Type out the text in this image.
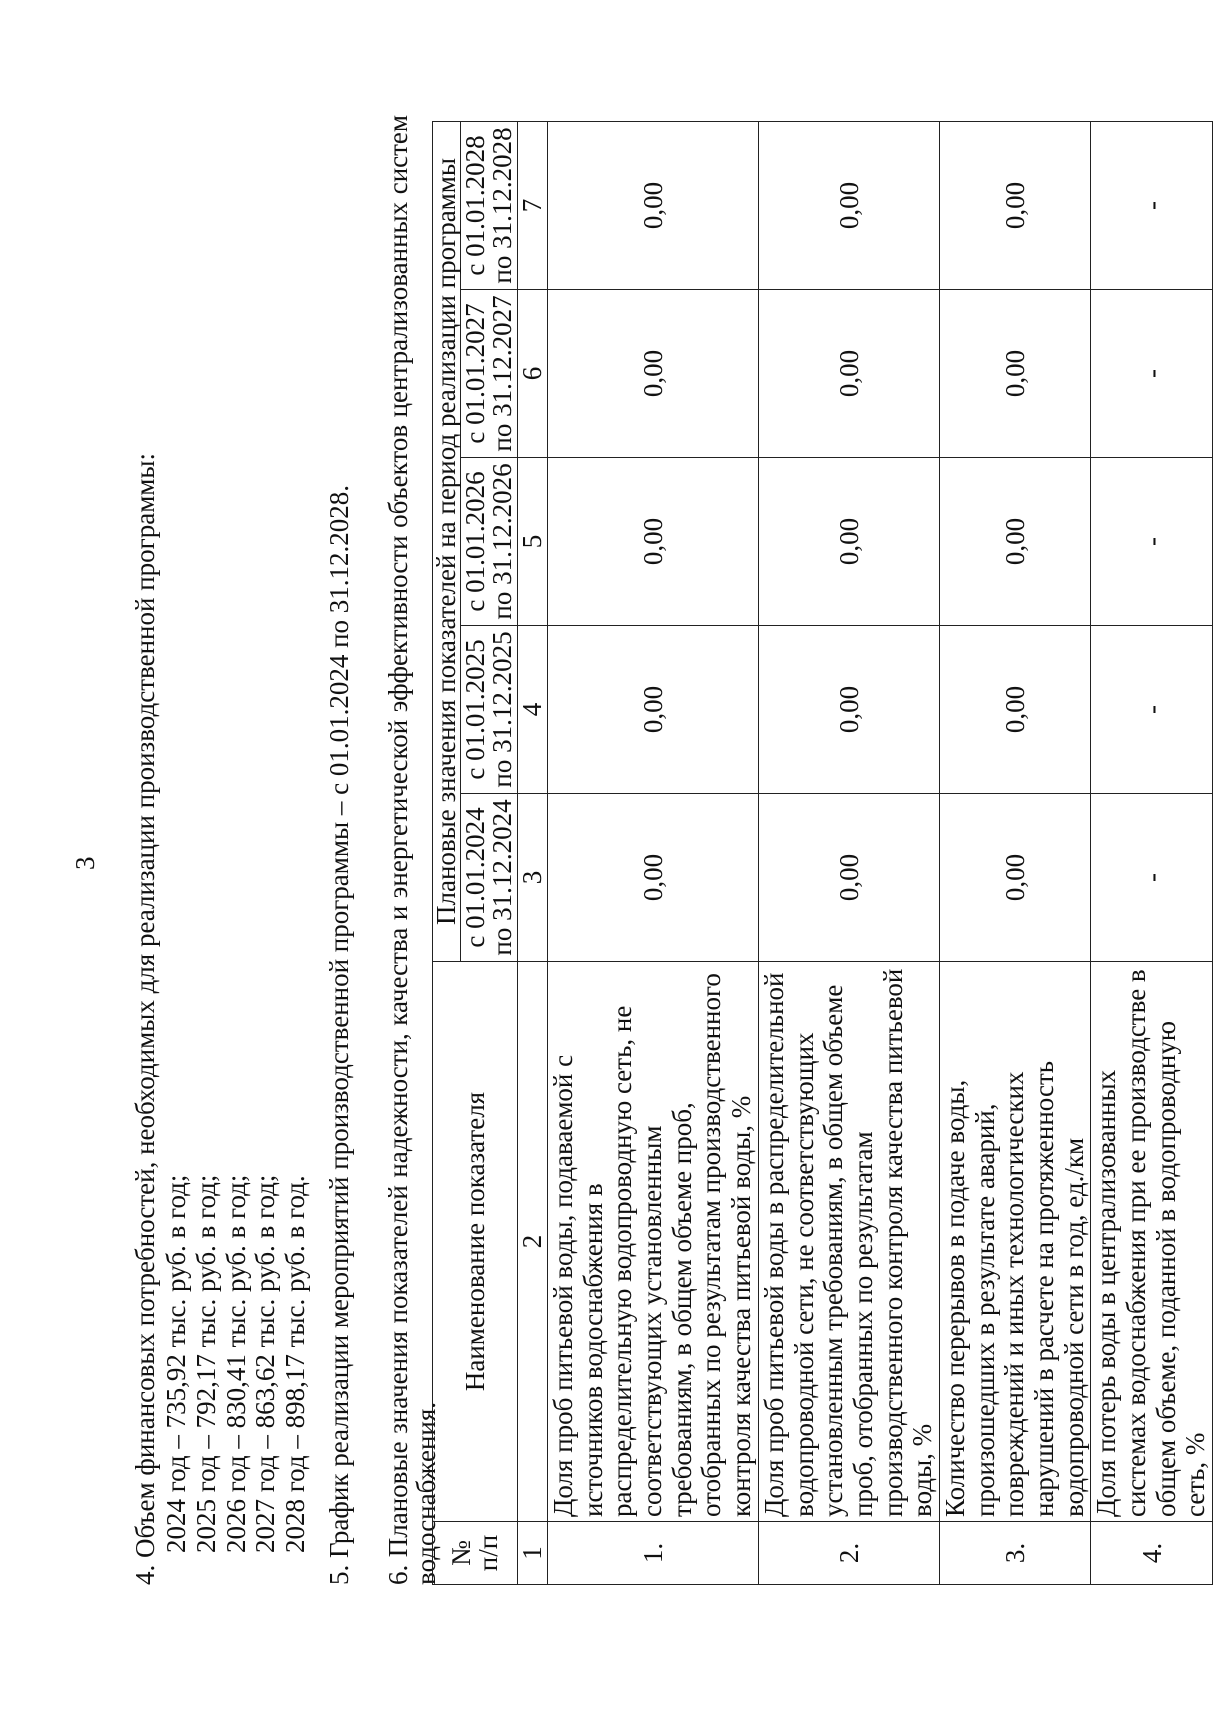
3 4. Объем финансовых потребностей, необходимых для реализации производственной программы: 2024 год – 735,92 тыс. руб. в год; 2025 год – 792,17 тыс. руб. в год; 2026 год – 830,41 тыс. руб. в год; 2027 год – 863,62 тыс. руб. в год; 2028 год – 898,17 тыс. руб. в год. 5. График реализации мероприятий производственной программы – с 01.01.2024 по 31.12.2028. 6. Плановые значения показателей надежности, качества и энергетической эффективности объектов централизованных систем водоснабжения. № п/п	Наименование показателя	Плановые значения показателей на период реализации программы				
		с 01.01.2024 по 31.12.2024	с 01.01.2025 по 31.12.2025	с 01.01.2026 по 31.12.2026	с 01.01.2027 по 31.12.2027	с 01.01.2028 по 31.12.2028
1	2	3	4	5	6	7
1.	Доля проб питьевой воды, подаваемой с источников водоснабжения в распределительную водопроводную сеть, не соответствующих установленным требованиям, в общем объеме проб, отобранных по результатам производственного контроля качества питьевой воды, %	0,00	0,00	0,00	0,00	0,00
2.	Доля проб питьевой воды в распределительной водопроводной сети, не соответствующих установленным требованиям, в общем объеме проб, отобранных по результатам производственного контроля качества питьевой воды, %	0,00	0,00	0,00	0,00	0,00
3.	Количество перерывов в подаче воды, произошедших в результате аварий, повреждений и иных технологических нарушений в расчете на протяженность водопроводной сети в год, ед./км	0,00	0,00	0,00	0,00	0,00
4.	Доля потерь воды в централизованных системах водоснабжения при ее производстве в общем объеме, поданной в водопроводную сеть, %	-	-	-	-	-
